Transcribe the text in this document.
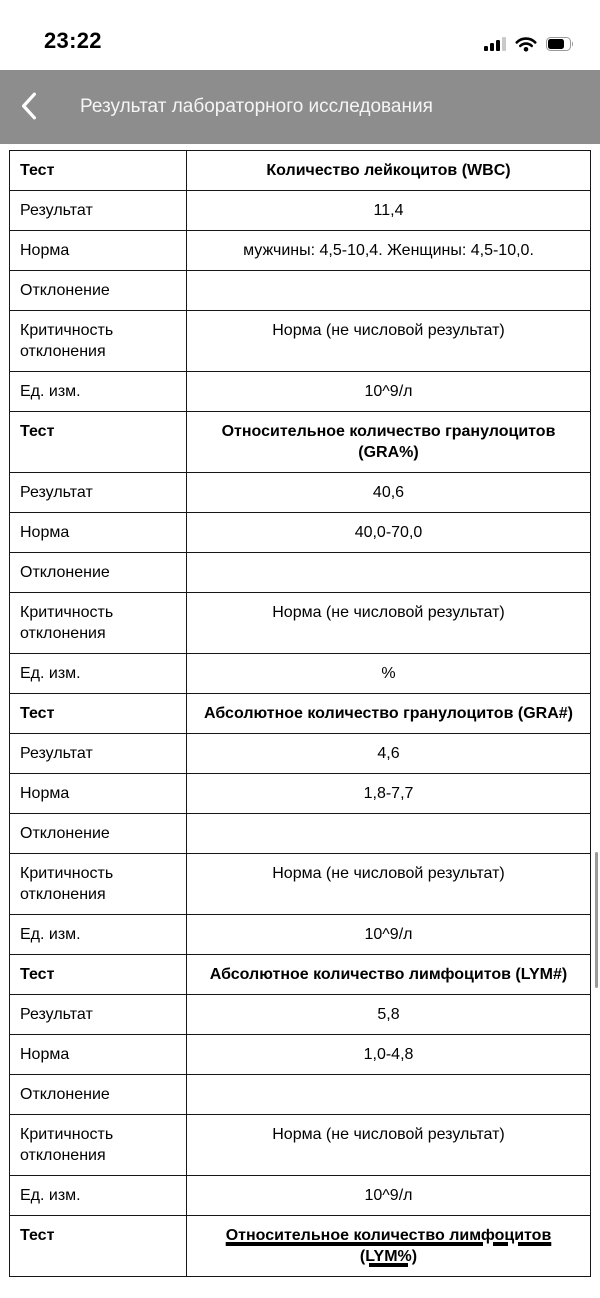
23:22
Результат лабораторного исследования
Тест	Количество лейкоцитов (WBC)
Результат	11,4
Норма	мужчины: 4,5-10,4. Женщины: 4,5-10,0.
Отклонение	
Критичность отклонения	Норма (не числовой результат)
Ед. изм.	10^9/л
Тест	Относительное количество гранулоцитов (GRA%)
Результат	40,6
Норма	40,0-70,0
Отклонение	
Критичность отклонения	Норма (не числовой результат)
Ед. изм.	%
Тест	Абсолютное количество гранулоцитов (GRA#)
Результат	4,6
Норма	1,8-7,7
Отклонение	
Критичность отклонения	Норма (не числовой результат)
Ед. изм.	10^9/л
Тест	Абсолютное количество лимфоцитов (LYM#)
Результат	5,8
Норма	1,0-4,8
Отклонение	
Критичность отклонения	Норма (не числовой результат)
Ед. изм.	10^9/л
Тест	Относительное количество лимфоцитов (LYM%)
